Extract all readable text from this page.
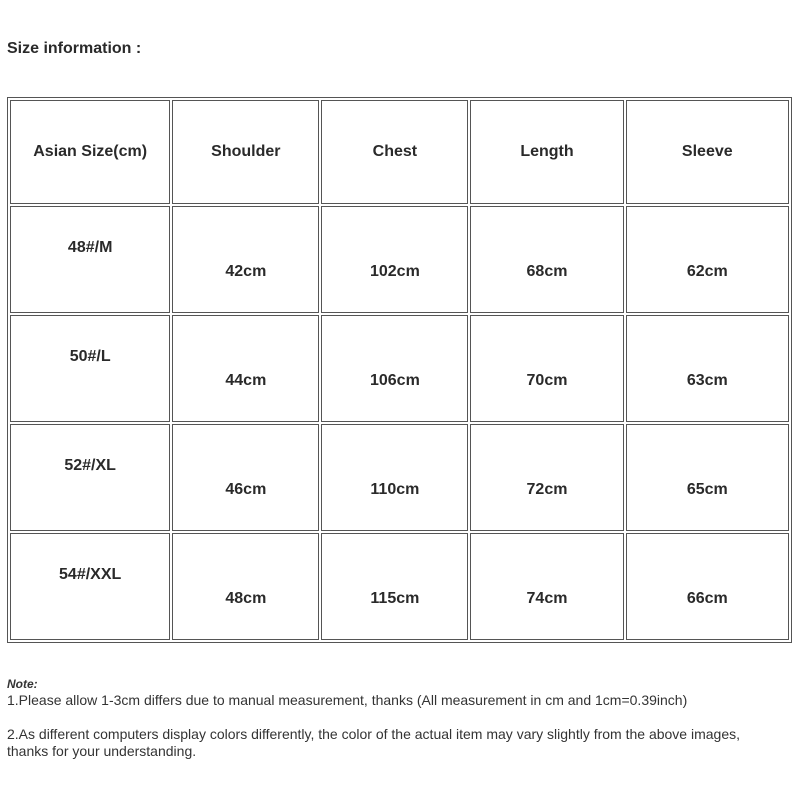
Size information :
Asian Size(cm)	Shoulder	Chest	Length	Sleeve
48#/M	42cm	102cm	68cm	62cm
50#/L	44cm	106cm	70cm	63cm
52#/XL	46cm	110cm	72cm	65cm
54#/XXL	48cm	115cm	74cm	66cm
Note:
1.Please allow 1-3cm differs due to manual measurement, thanks (All measurement in cm and 1cm=0.39inch)
2.As different computers display colors differently, the color of the actual item may vary slightly from the above images,
thanks for your understanding.
